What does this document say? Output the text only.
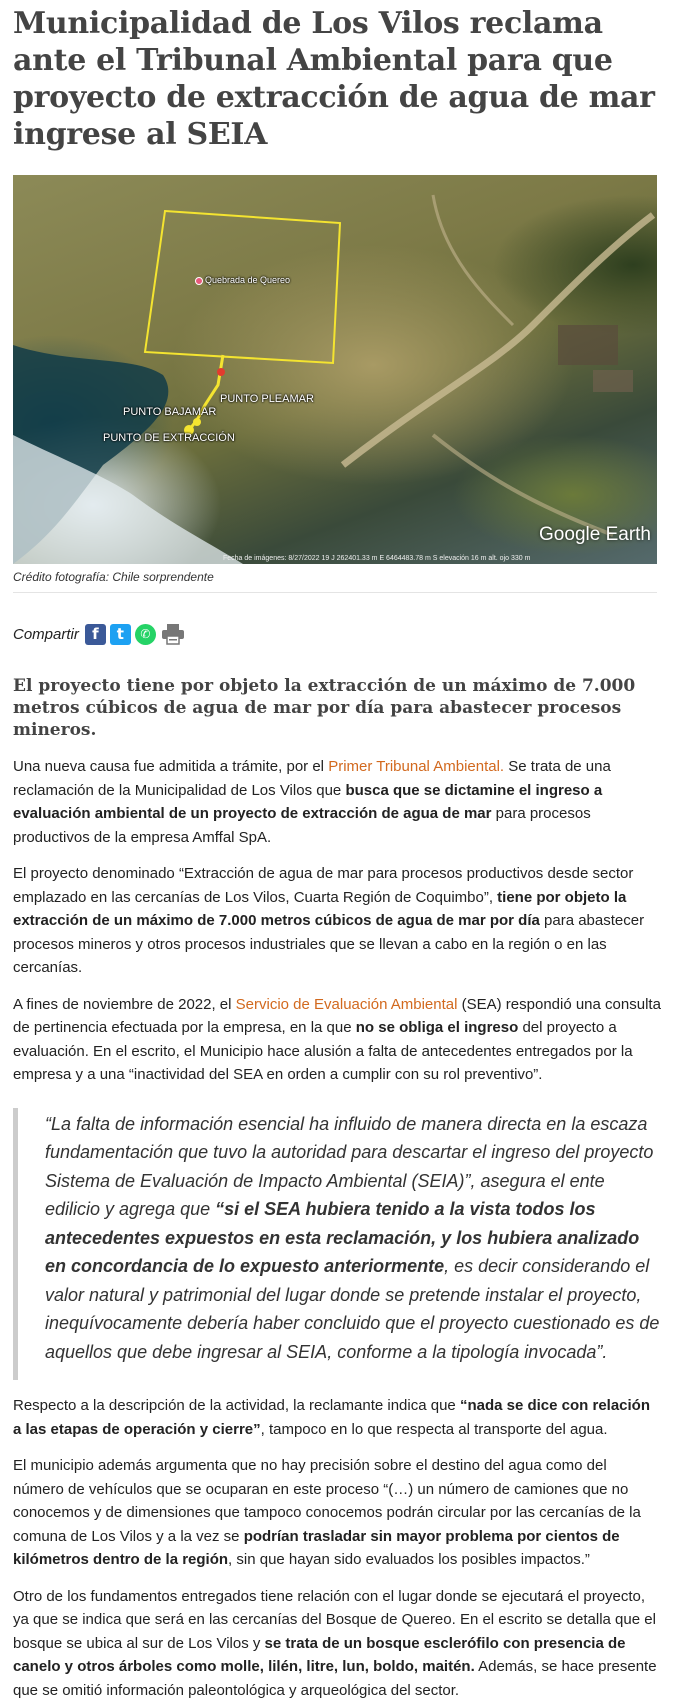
Municipalidad de Los Vilos reclama ante el Tribunal Ambiental para que proyecto de extracción de agua de mar ingrese al SEIA
Quebrada de Quereo
PUNTO PLEAMAR
PUNTO BAJAMAR
PUNTO DE EXTRACCIÓN
Google Earth
Fecha de imágenes: 8/27/2022 19 J 262401.33 m E 6464483.78 m S elevación 16 m alt. ojo 330 m
Crédito fotografía: Chile sorprendente
Compartir f t ✆
El proyecto tiene por objeto la extracción de un máximo de 7.000 metros cúbicos de agua de mar por día para abastecer procesos mineros.

Una nueva causa fue admitida a trámite, por el Primer Tribunal Ambiental. Se trata de una reclamación de la Municipalidad de Los Vilos que busca que se dictamine el ingreso a evaluación ambiental de un proyecto de extracción de agua de mar para procesos productivos de la empresa Amffal SpA.

El proyecto denominado “Extracción de agua de mar para procesos productivos desde sector emplazado en las cercanías de Los Vilos, Cuarta Región de Coquimbo”, tiene por objeto la extracción de un máximo de 7.000 metros cúbicos de agua de mar por día para abastecer procesos mineros y otros procesos industriales que se llevan a cabo en la región o en las cercanías.

A fines de noviembre de 2022, el Servicio de Evaluación Ambiental (SEA) respondió una consulta de pertinencia efectuada por la empresa, en la que no se obliga el ingreso del proyecto a evaluación. En el escrito, el Municipio hace alusión a falta de antecedentes entregados por la empresa y a una “inactividad del SEA en orden a cumplir con su rol preventivo”.

“La falta de información esencial ha influido de manera directa en la escaza fundamentación que tuvo la autoridad para descartar el ingreso del proyecto Sistema de Evaluación de Impacto Ambiental (SEIA)”, asegura el ente edilicio y agrega que “si el SEA hubiera tenido a la vista todos los antecedentes expuestos en esta reclamación, y los hubiera analizado en concordancia de lo expuesto anteriormente, es decir considerando el valor natural y patrimonial del lugar donde se pretende instalar el proyecto, inequívocamente debería haber concluido que el proyecto cuestionado es de aquellos que debe ingresar al SEIA, conforme a la tipología invocada”.

Respecto a la descripción de la actividad, la reclamante indica que “nada se dice con relación a las etapas de operación y cierre”, tampoco en lo que respecta al transporte del agua.

El municipio además argumenta que no hay precisión sobre el destino del agua como del número de vehículos que se ocuparan en este proceso “(…) un número de camiones que no conocemos y de dimensiones que tampoco conocemos podrán circular por las cercanías de la comuna de Los Vilos y a la vez se podrían trasladar sin mayor problema por cientos de kilómetros dentro de la región, sin que hayan sido evaluados los posibles impactos.”

Otro de los fundamentos entregados tiene relación con el lugar donde se ejecutará el proyecto, ya que se indica que será en las cercanías del Bosque de Quereo. En el escrito se detalla que el bosque se ubica al sur de Los Vilos y se trata de un bosque esclerófilo con presencia de canelo y otros árboles como molle, lilén, litre, lun, boldo, maitén. Además, se hace presente que se omitió información paleontológica y arqueológica del sector.
